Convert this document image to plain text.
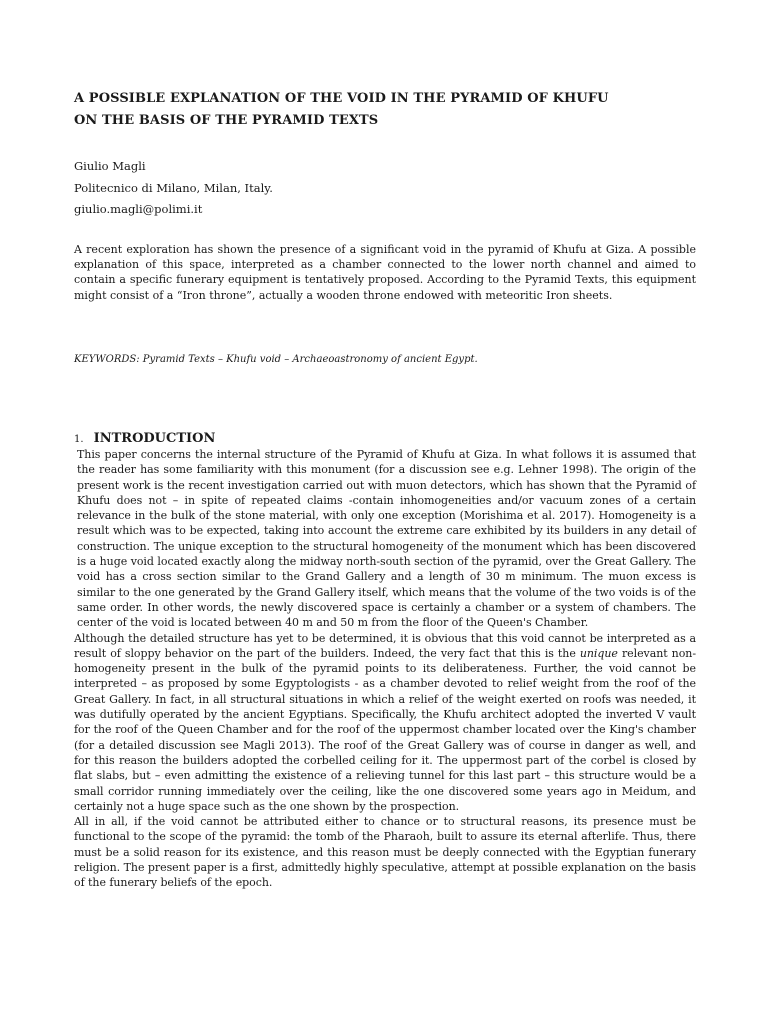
A POSSIBLE EXPLANATION OF THE VOID IN THE PYRAMID OF KHUFU
ON THE BASIS OF THE PYRAMID TEXTS
Giulio Magli
Politecnico di Milano, Milan, Italy.
giulio.magli@polimi.it
A recent exploration has shown the presence of a significant void in the pyramid of Khufu at Giza. A possible explanation of this space, interpreted as a chamber connected to the lower north channel and aimed to contain a specific funerary equipment is tentatively proposed. According to the Pyramid Texts, this equipment might consist of a “Iron throne”, actually a wooden throne endowed with meteoritic Iron sheets.
KEYWORDS: Pyramid Texts – Khufu void – Archaeoastronomy of ancient Egypt.
1. INTRODUCTION

This paper concerns the internal structure of the Pyramid of Khufu at Giza. In what follows it is assumed that the reader has some familiarity with this monument (for a discussion see e.g. Lehner 1998). The origin of the present work is the recent investigation carried out with muon detectors, which has shown that the Pyramid of Khufu does not – in spite of repeated claims -contain inhomogeneities and/or vacuum zones of a certain relevance in the bulk of the stone material, with only one exception (Morishima et al. 2017). Homogeneity is a result which was to be expected, taking into account the extreme care exhibited by its builders in any detail of construction. The unique exception to the structural homogeneity of the monument which has been discovered is a huge void located exactly along the midway north-south section of the pyramid, over the Great Gallery. The void has a cross section similar to the Grand Gallery and a length of 30 m minimum. The muon excess is similar to the one generated by the Grand Gallery itself, which means that the volume of the two voids is of the same order. In other words, the newly discovered space is certainly a chamber or a system of chambers. The center of the void is located between 40 m and 50 m from the floor of the Queen's Chamber.

Although the detailed structure has yet to be determined, it is obvious that this void cannot be interpreted as a result of sloppy behavior on the part of the builders. Indeed, the very fact that this is the unique relevant non-homogeneity present in the bulk of the pyramid points to its deliberateness. Further, the void cannot be interpreted – as proposed by some Egyptologists - as a chamber devoted to relief weight from the roof of the Great Gallery. In fact, in all structural situations in which a relief of the weight exerted on roofs was needed, it was dutifully operated by the ancient Egyptians. Specifically, the Khufu architect adopted the inverted V vault for the roof of the Queen Chamber and for the roof of the uppermost chamber located over the King's chamber (for a detailed discussion see Magli 2013). The roof of the Great Gallery was of course in danger as well, and for this reason the builders adopted the corbelled ceiling for it. The uppermost part of the corbel is closed by flat slabs, but – even admitting the existence of a relieving tunnel for this last part – this structure would be a small corridor running immediately over the ceiling, like the one discovered some years ago in Meidum, and certainly not a huge space such as the one shown by the prospection.

All in all, if the void cannot be attributed either to chance or to structural reasons, its presence must be functional to the scope of the pyramid: the tomb of the Pharaoh, built to assure its eternal afterlife. Thus, there must be a solid reason for its existence, and this reason must be deeply connected with the Egyptian funerary religion. The present paper is a first, admittedly highly speculative, attempt at possible explanation on the basis of the funerary beliefs of the epoch.
